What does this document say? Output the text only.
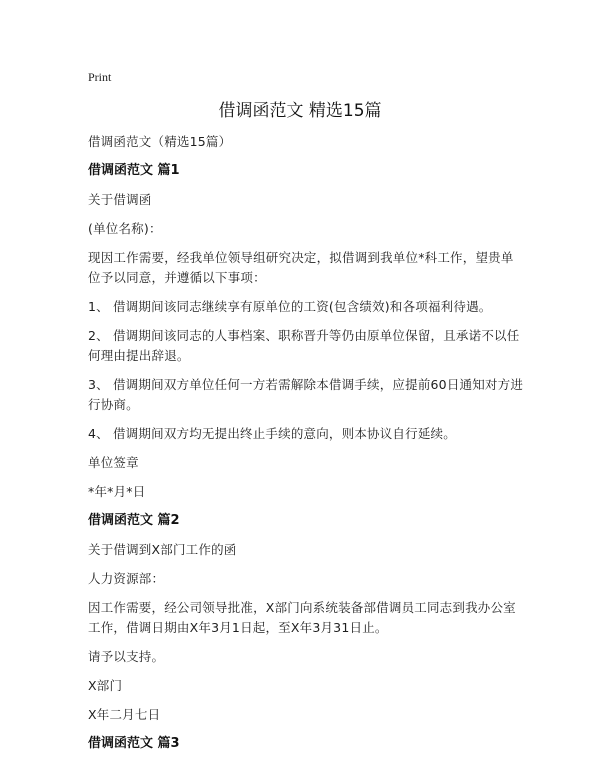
Print
借调函范文 精选15篇

借调函范文（精选15篇）

借调函范文 篇1

关于借调函

(单位名称)：

现因工作需要，经我单位领导组研究决定，拟借调到我单位*科工作，望贵单位予以同意，并遵循以下事项：

1、 借调期间该同志继续享有原单位的工资(包含绩效)和各项福利待遇。

2、 借调期间该同志的人事档案、职称晋升等仍由原单位保留，且承诺不以任何理由提出辞退。

3、 借调期间双方单位任何一方若需解除本借调手续，应提前60日通知对方进行协商。

4、 借调期间双方均无提出终止手续的意向，则本协议自行延续。

单位签章

*年*月*日

借调函范文 篇2

关于借调到X部门工作的函

人力资源部：

因工作需要，经公司领导批准，X部门向系统装备部借调员工同志到我办公室工作，借调日期由X年3月1日起，至X年3月31日止。

请予以支持。

X部门

X年二月七日

借调函范文 篇3
